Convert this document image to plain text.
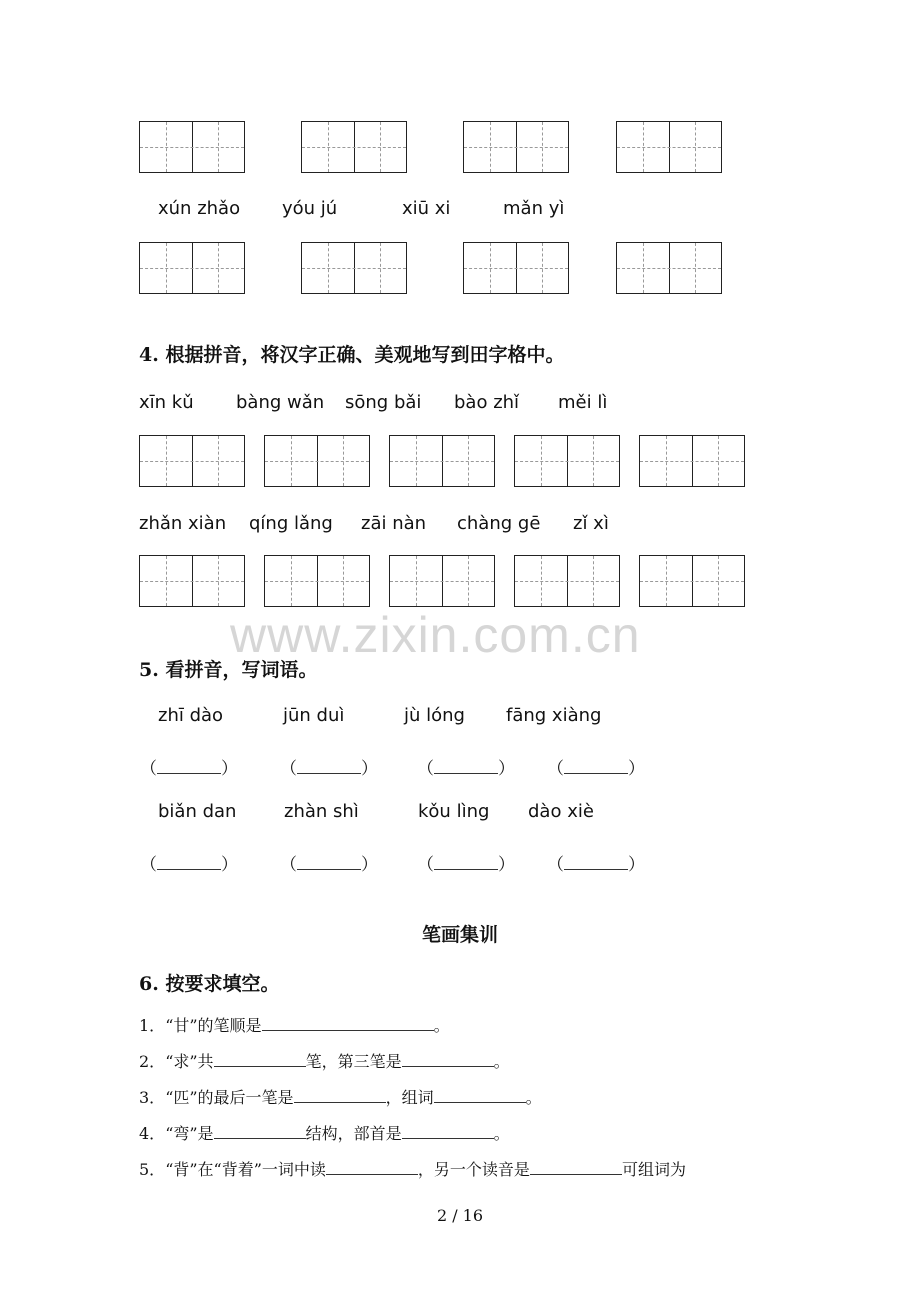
xún zhǎo yóu jú	xiū xi	mǎn yì
4. 根据拼音，将汉字正确、美观地写到田字格中。
xīn kǔ bàng wǎn sōng bǎi bào zhǐ měi lì
zhǎn xiàn qíng lǎng zāi nàn chàng gē zǐ xì
www.zixin.com.cn
5. 看拼音，写词语。
zhī dào	jūn duì	jù lóng fāng xiàng
（	） （	） （	） （	）
biǎn dan	zhàn shì	kǒu lìng dào xiè
（	） （	） （	） （	）
笔画集训
6. 按要求填空。
1．“甘”的笔顺是	。
2．“求”共	笔，第三笔是	。
3．“匹”的最后一笔是	，组词	。
4．“弯”是	结构，部首是	。
5．“背”在“背着”一词中读	，另一个读音是	可组词为
2 / 16
